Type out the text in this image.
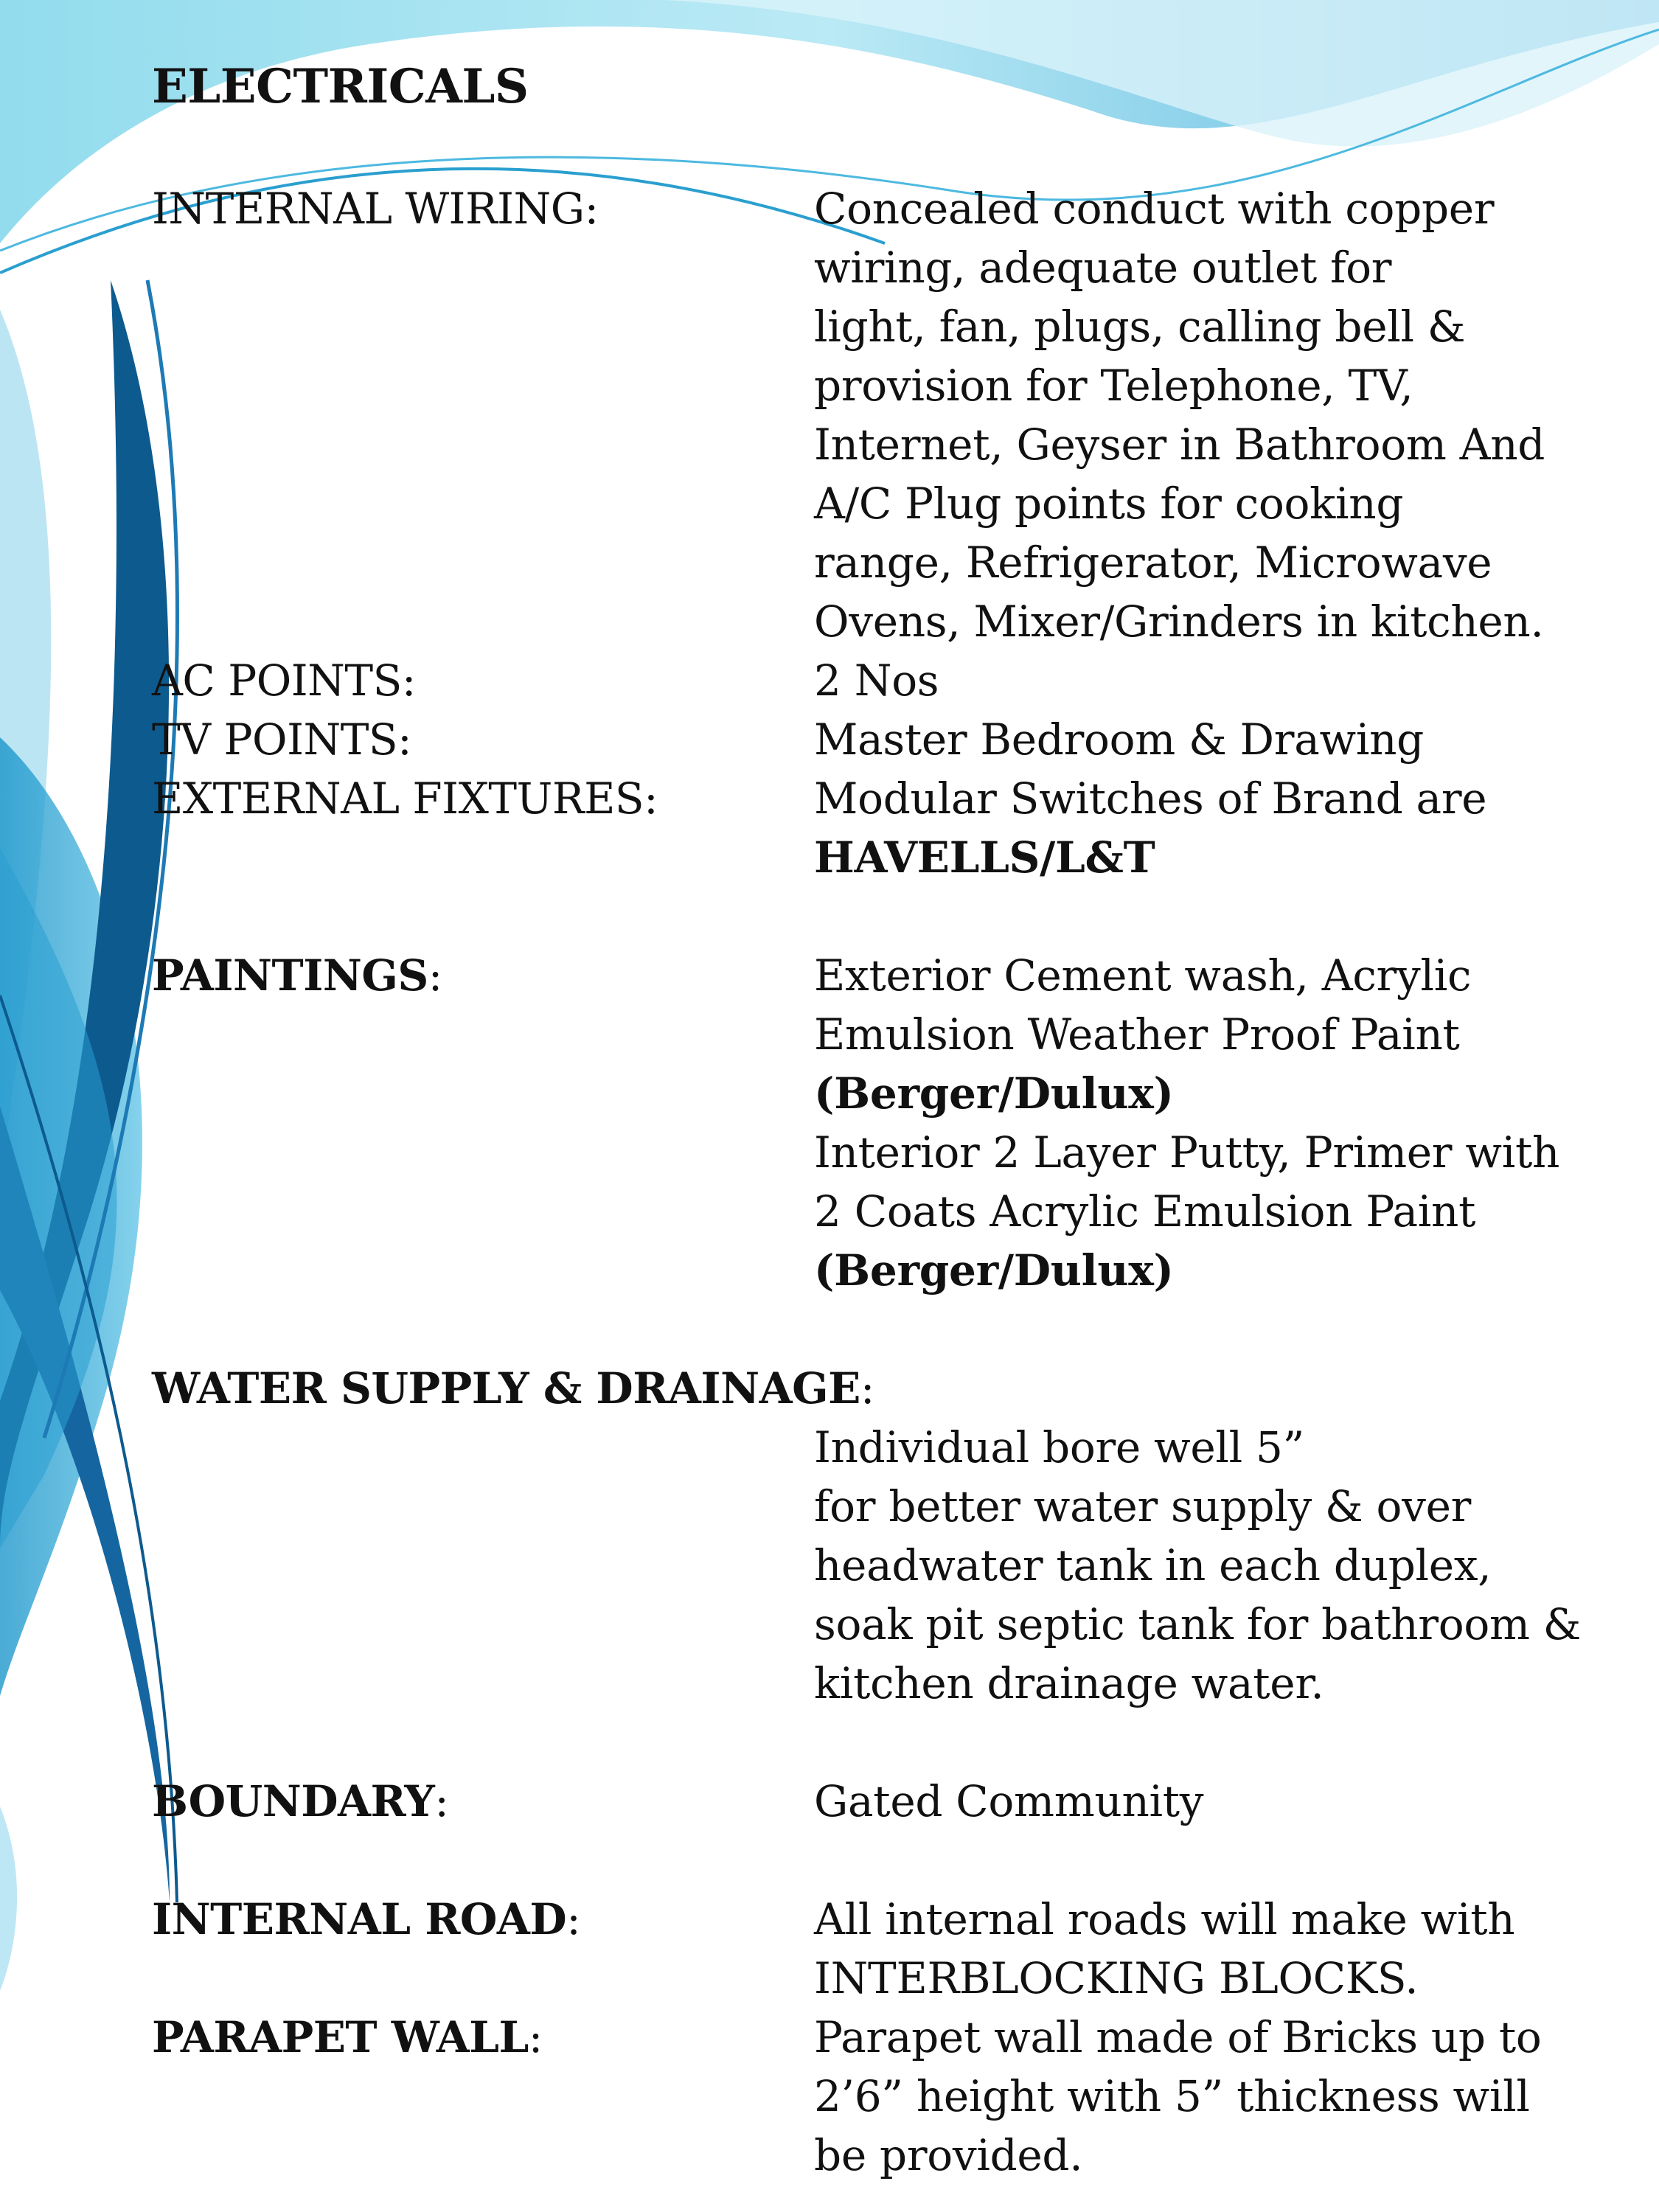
ELECTRICALS
INTERNAL WIRING:	Concealed conduct with copper
wiring, adequate outlet for
light, fan, plugs, calling bell &
provision for Telephone, TV,
Internet, Geyser in Bathroom And
A/C Plug points for cooking
range, Refrigerator, Microwave
Ovens, Mixer/Grinders in kitchen.
AC POINTS:	2 Nos
TV POINTS:	Master Bedroom & Drawing
EXTERNAL FIXTURES:	Modular Switches of Brand are
HAVELLS/L&T
PAINTINGS:	Exterior Cement wash, Acrylic
Emulsion Weather Proof Paint
(Berger/Dulux)
Interior 2 Layer Putty, Primer with
2 Coats Acrylic Emulsion Paint
(Berger/Dulux)
WATER SUPPLY & DRAINAGE:
Individual bore well 5”
for better water supply & over
headwater tank in each duplex,
soak pit septic tank for bathroom &
kitchen drainage water.
BOUNDARY:	Gated Community
INTERNAL ROAD:	All internal roads will make with
INTERBLOCKING BLOCKS.
PARAPET WALL:	Parapet wall made of Bricks up to
2’6” height with 5” thickness will
be provided.
